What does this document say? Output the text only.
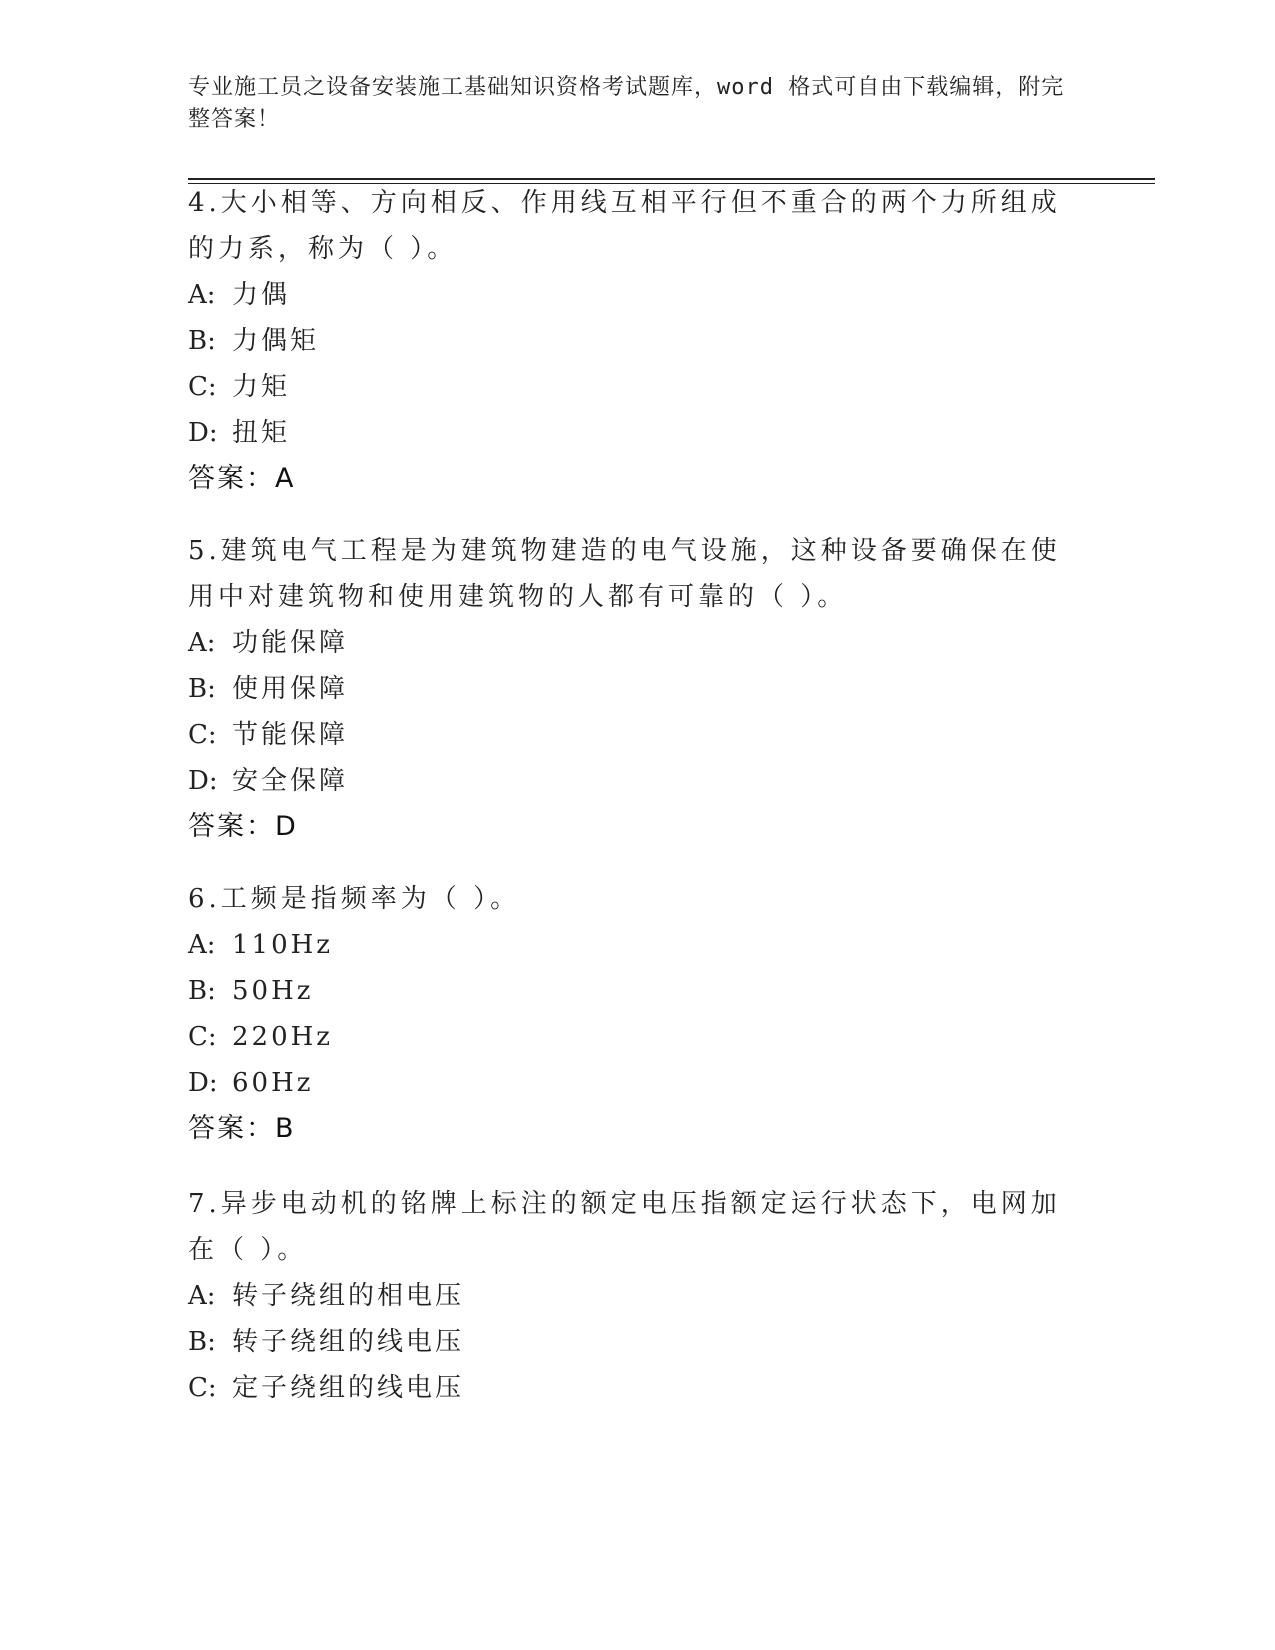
专业施工员之设备安装施工基础知识资格考试题库，word 格式可自由下载编辑，附完整答案！

4.大小相等、方向相反、作用线互相平行但不重合的两个力所组成的力系，称为（ ）。

A: 力偶

B: 力偶矩

C: 力矩

D: 扭矩

答案：A

5.建筑电气工程是为建筑物建造的电气设施，这种设备要确保在使用中对建筑物和使用建筑物的人都有可靠的（ ）。

A: 功能保障

B: 使用保障

C: 节能保障

D: 安全保障

答案：D

6.工频是指频率为（ ）。

A: 110Hz

B: 50Hz

C: 220Hz

D: 60Hz

答案：B

7.异步电动机的铭牌上标注的额定电压指额定运行状态下，电网加在（ ）。

A: 转子绕组的相电压

B: 转子绕组的线电压

C: 定子绕组的线电压
